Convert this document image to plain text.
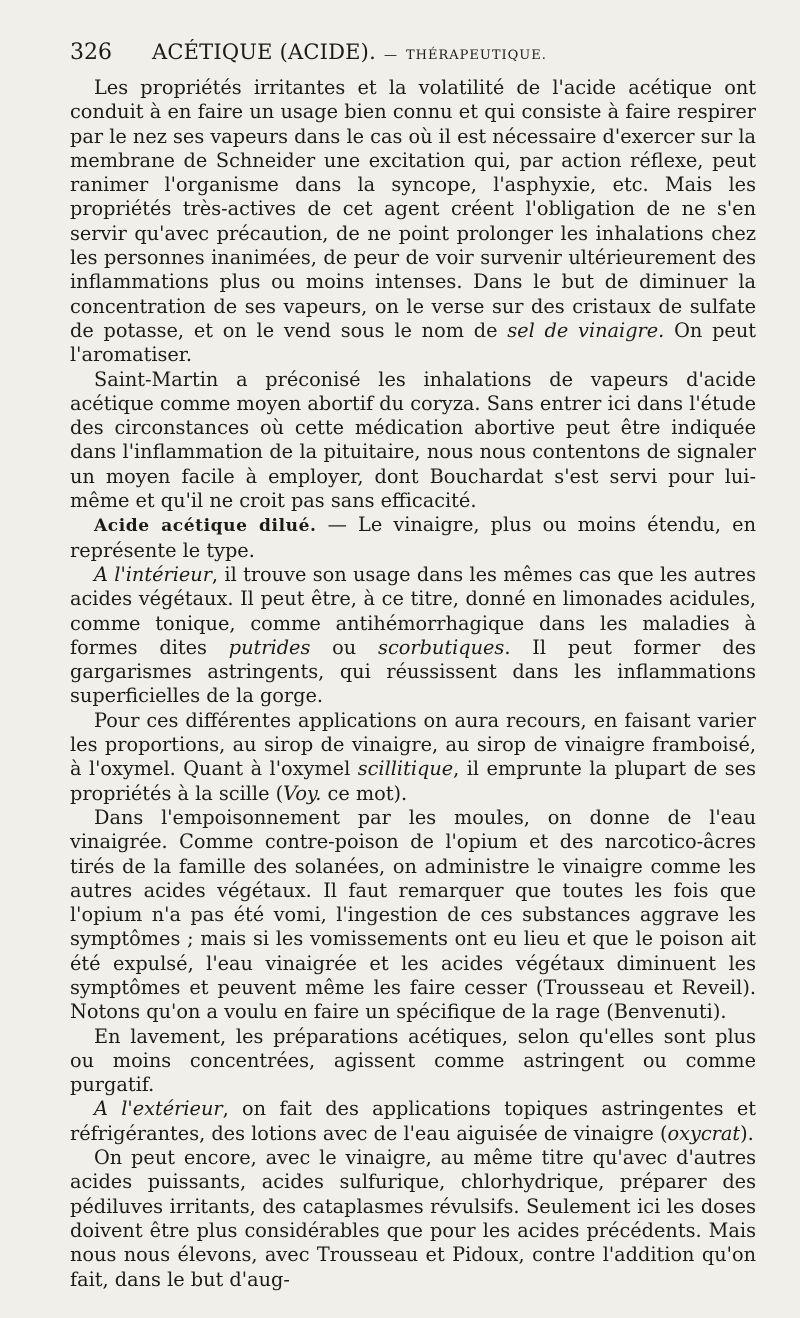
326 ACÉTIQUE (ACIDE). — THÉRAPEUTIQUE.

Les propriétés irritantes et la volatilité de l'acide acétique ont conduit à en faire un usage bien connu et qui consiste à faire respirer par le nez ses vapeurs dans le cas où il est nécessaire d'exercer sur la membrane de Schneider une excitation qui, par action réflexe, peut ranimer l'organisme dans la syncope, l'asphyxie, etc. Mais les propriétés très-actives de cet agent créent l'obligation de ne s'en servir qu'avec précaution, de ne point prolonger les inhalations chez les personnes inanimées, de peur de voir survenir ultérieurement des inflammations plus ou moins intenses. Dans le but de diminuer la concentration de ses vapeurs, on le verse sur des cristaux de sulfate de potasse, et on le vend sous le nom de sel de vinaigre. On peut l'aromatiser.

Saint-Martin a préconisé les inhalations de vapeurs d'acide acétique comme moyen abortif du coryza. Sans entrer ici dans l'étude des circonstances où cette médication abortive peut être indiquée dans l'inflammation de la pituitaire, nous nous contentons de signaler un moyen facile à employer, dont Bouchardat s'est servi pour lui-même et qu'il ne croit pas sans efficacité.

Acide acétique dilué. — Le vinaigre, plus ou moins étendu, en représente le type.

A l'intérieur, il trouve son usage dans les mêmes cas que les autres acides végétaux. Il peut être, à ce titre, donné en limonades acidules, comme tonique, comme antihémorrhagique dans les maladies à formes dites putrides ou scorbutiques. Il peut former des gargarismes astringents, qui réussissent dans les inflammations superficielles de la gorge.

Pour ces différentes applications on aura recours, en faisant varier les proportions, au sirop de vinaigre, au sirop de vinaigre framboisé, à l'oxymel. Quant à l'oxymel scillitique, il emprunte la plupart de ses propriétés à la scille (Voy. ce mot).

Dans l'empoisonnement par les moules, on donne de l'eau vinaigrée. Comme contre-poison de l'opium et des narcotico-âcres tirés de la famille des solanées, on administre le vinaigre comme les autres acides végétaux. Il faut remarquer que toutes les fois que l'opium n'a pas été vomi, l'ingestion de ces substances aggrave les symptômes ; mais si les vomissements ont eu lieu et que le poison ait été expulsé, l'eau vinaigrée et les acides végétaux diminuent les symptômes et peuvent même les faire cesser (Trousseau et Reveil). Notons qu'on a voulu en faire un spécifique de la rage (Benvenuti).

En lavement, les préparations acétiques, selon qu'elles sont plus ou moins concentrées, agissent comme astringent ou comme purgatif.

A l'extérieur, on fait des applications topiques astringentes et réfrigérantes, des lotions avec de l'eau aiguisée de vinaigre (oxycrat).

On peut encore, avec le vinaigre, au même titre qu'avec d'autres acides puissants, acides sulfurique, chlorhydrique, préparer des pédiluves irritants, des cataplasmes révulsifs. Seulement ici les doses doivent être plus considérables que pour les acides précédents. Mais nous nous élevons, avec Trousseau et Pidoux, contre l'addition qu'on fait, dans le but d'aug-
